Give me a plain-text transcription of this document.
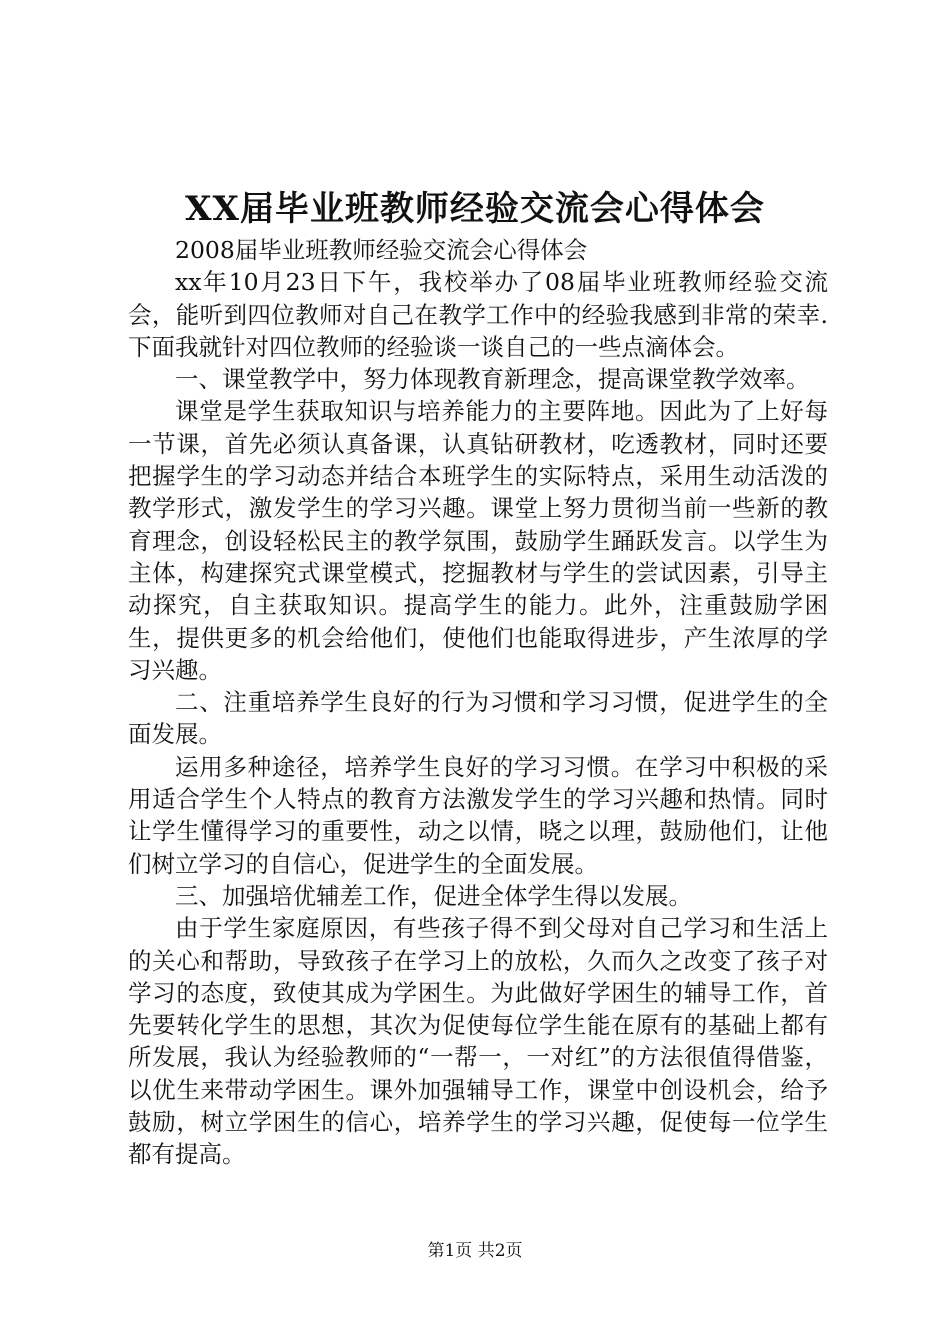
XX届毕业班教师经验交流会心得体会

2008届毕业班教师经验交流会心得体会

xx年10月23日下午，我校举办了08届毕业班教师经验交流会，能听到四位教师对自己在教学工作中的经验我感到非常的荣幸.下面我就针对四位教师的经验谈一谈自己的一些点滴体会。

一、课堂教学中，努力体现教育新理念，提高课堂教学效率。

课堂是学生获取知识与培养能力的主要阵地。因此为了上好每一节课，首先必须认真备课，认真钻研教材，吃透教材，同时还要把握学生的学习动态并结合本班学生的实际特点，采用生动活泼的教学形式，激发学生的学习兴趣。课堂上努力贯彻当前一些新的教育理念，创设轻松民主的教学氛围，鼓励学生踊跃发言。以学生为主体，构建探究式课堂模式，挖掘教材与学生的尝试因素，引导主动探究，自主获取知识。提高学生的能力。此外，注重鼓励学困生，提供更多的机会给他们，使他们也能取得进步，产生浓厚的学习兴趣。

二、注重培养学生良好的行为习惯和学习习惯，促进学生的全面发展。

运用多种途径，培养学生良好的学习习惯。在学习中积极的采用适合学生个人特点的教育方法激发学生的学习兴趣和热情。同时让学生懂得学习的重要性，动之以情，晓之以理，鼓励他们，让他们树立学习的自信心，促进学生的全面发展。

三、加强培优辅差工作，促进全体学生得以发展。

由于学生家庭原因，有些孩子得不到父母对自己学习和生活上的关心和帮助，导致孩子在学习上的放松，久而久之改变了孩子对学习的态度，致使其成为学困生。为此做好学困生的辅导工作，首先要转化学生的思想，其次为促使每位学生能在原有的基础上都有所发展，我认为经验教师的“一帮一，一对红”的方法很值得借鉴，以优生来带动学困生。课外加强辅导工作，课堂中创设机会，给予鼓励，树立学困生的信心，培养学生的学习兴趣，促使每一位学生都有提高。

第1页 共2页
